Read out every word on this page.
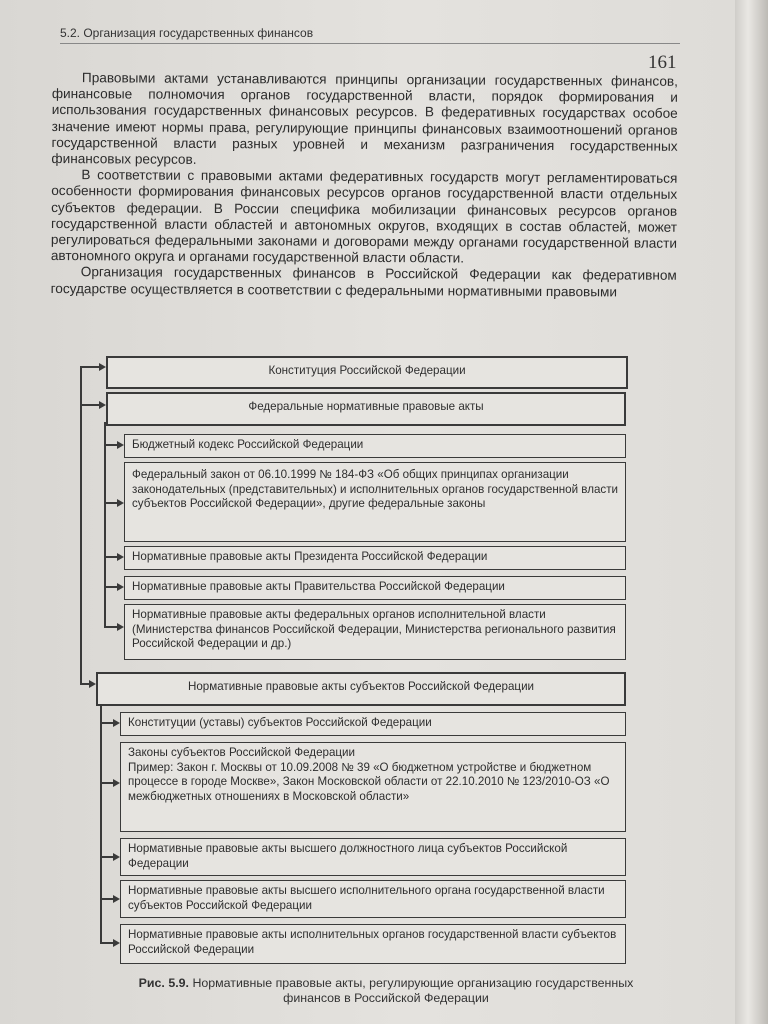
5.2. Организация государственных финансов
161

Правовыми актами устанавливаются принципы организации государственных финансов, финансовые полномочия органов государственной власти, порядок формирования и использования государственных финансовых ресурсов. В федеративных государствах особое значение имеют нормы права, регулирующие принципы финансовых взаимоотношений органов государственной власти разных уровней и механизм разграничения государственных финансовых ресурсов.

В соответствии с правовыми актами федеративных государств могут регламентироваться особенности формирования финансовых ресурсов органов государственной власти отдельных субъектов федерации. В России специфика мобилизации финансовых ресурсов органов государственной власти областей и автономных округов, входящих в состав областей, может регулироваться федеральными законами и договорами между органами государственной власти автономного округа и органами государственной власти области.

Организация государственных финансов в Российской Федерации как федеративном государстве осуществляется в соответствии с федеральными нормативными правовыми

Конституция Российской Федерации
Федеральные нормативные правовые акты
Бюджетный кодекс Российской Федерации
Федеральный закон от 06.10.1999 № 184-ФЗ «Об общих принципах организации законодательных (представительных) и исполнительных органов государственной власти субъектов Российской Федерации», другие федеральные законы
Нормативные правовые акты Президента Российской Федерации
Нормативные правовые акты Правительства Российской Федерации
Нормативные правовые акты федеральных органов исполнительной власти (Министерства финансов Российской Федерации, Министерства регионального развития Российской Федерации и др.)
Нормативные правовые акты субъектов Российской Федерации
Конституции (уставы) субъектов Российской Федерации
Законы субъектов Российской Федерации
Пример: Закон г. Москвы от 10.09.2008 № 39 «О бюджетном устройстве и бюджетном процессе в городе Москве», Закон Московской области от 22.10.2010 № 123/2010-ОЗ «О межбюджетных отношениях в Московской области»
Нормативные правовые акты высшего должностного лица субъектов Российской Федерации
Нормативные правовые акты высшего исполнительного органа государственной власти субъектов Российской Федерации
Нормативные правовые акты исполнительных органов государственной власти субъектов Российской Федерации
Рис. 5.9. Нормативные правовые акты, регулирующие организацию государственных финансов в Российской Федерации
